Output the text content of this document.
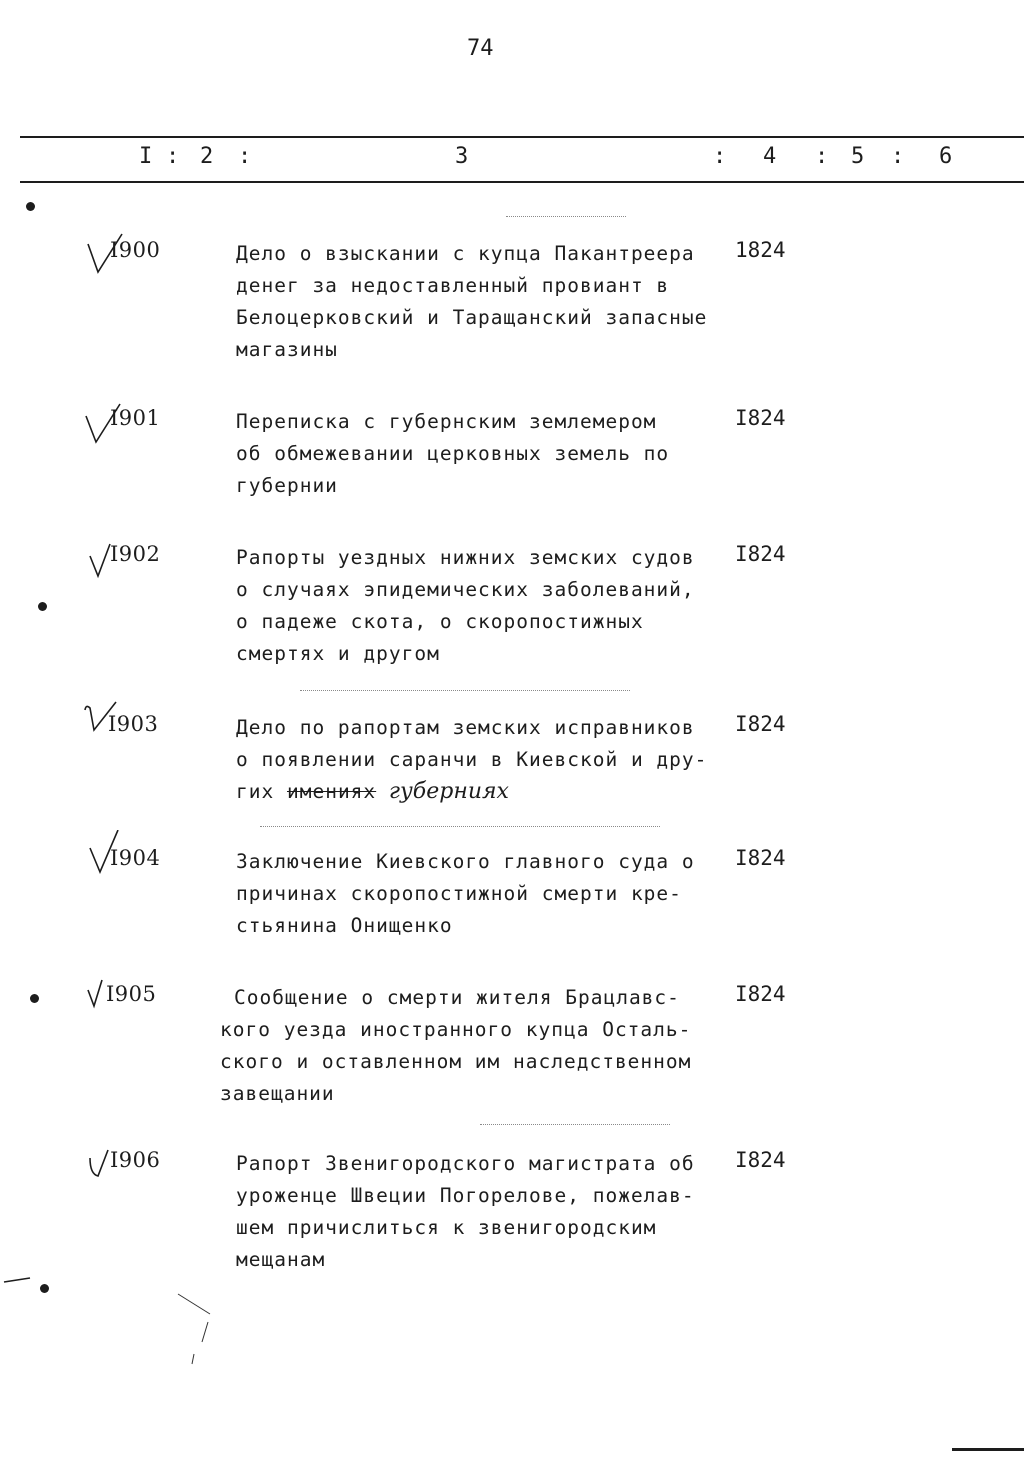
74
I : 2 :	3	: 4 : 5 : 6
I900	Дело о взыскании с купца Пакантреера
денег за недоставленный провиант в
Белоцерковский и Таращанский запасные
магазины
1824
I901	Переписка с губернским землемером
об обмежевании церковных земель по
губернии
I824
I902	Рапорты уездных нижних земских судов
о случаях эпидемических заболеваний,
о падеже скота, о скоропостижных
смертях и другом
I824
I903	Дело по рапортам земских исправников
о появлении саранчи в Киевской и дру-
гих имениях губерниях
I824
I904	Заключение Киевского главного суда о
причинах скоропостижной смерти кре-
стьянина Онищенко
I824
I905	Сообщение о смерти жителя Брацлавс-
кого уезда иностранного купца Осталь-
ского и оставленном им наследственном
завещании
I824
I906	Рапорт Звенигородского магистрата об
уроженце Швеции Погорелове, пожелав-
шем причислиться к звенигородским
мещанам
I824
